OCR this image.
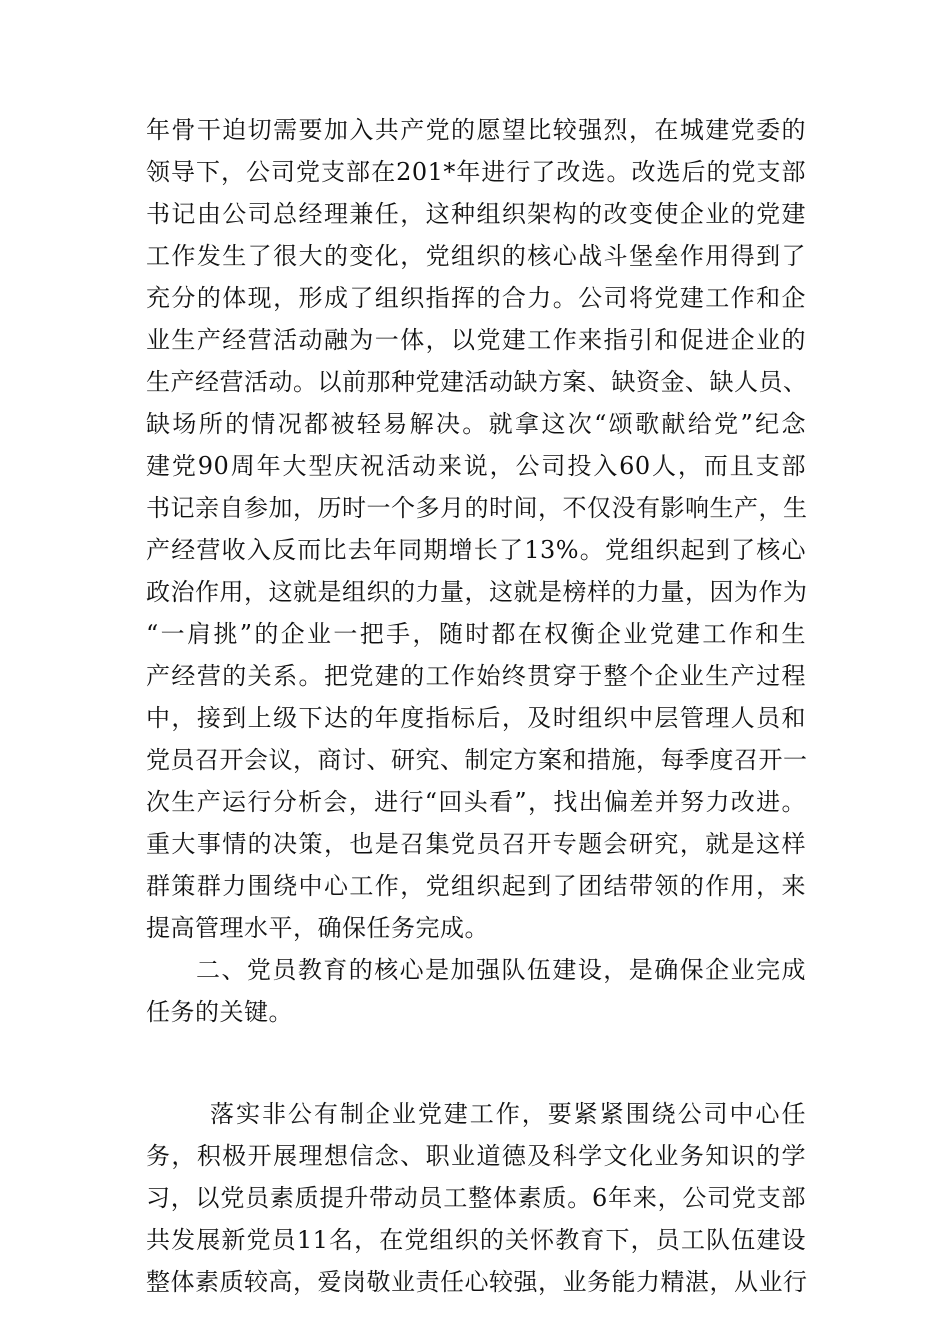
年骨干迫切需要加入共产党的愿望比较强烈，在城建党委的
领导下，公司党支部在201*年进行了改选。改选后的党支部
书记由公司总经理兼任，这种组织架构的改变使企业的党建
工作发生了很大的变化，党组织的核心战斗堡垒作用得到了
充分的体现，形成了组织指挥的合力。公司将党建工作和企
业生产经营活动融为一体，以党建工作来指引和促进企业的
生产经营活动。以前那种党建活动缺方案、缺资金、缺人员、
缺场所的情况都被轻易解决。就拿这次“颂歌献给党”纪念
建党90周年大型庆祝活动来说，公司投入60人，而且支部
书记亲自参加，历时一个多月的时间，不仅没有影响生产，生
产经营收入反而比去年同期增长了13%。党组织起到了核心
政治作用，这就是组织的力量，这就是榜样的力量，因为作为
“一肩挑”的企业一把手，随时都在权衡企业党建工作和生
产经营的关系。把党建的工作始终贯穿于整个企业生产过程
中，接到上级下达的年度指标后，及时组织中层管理人员和
党员召开会议，商讨、研究、制定方案和措施，每季度召开一
次生产运行分析会，进行“回头看”，找出偏差并努力改进。
重大事情的决策，也是召集党员召开专题会研究，就是这样
群策群力围绕中心工作，党组织起到了团结带领的作用，来
提高管理水平，确保任务完成。
二、党员教育的核心是加强队伍建设，是确保企业完成
任务的关键。
落实非公有制企业党建工作，要紧紧围绕公司中心任
务，积极开展理想信念、职业道德及科学文化业务知识的学
习，以党员素质提升带动员工整体素质。6年来，公司党支部
共发展新党员11名，在党组织的关怀教育下，员工队伍建设
整体素质较高，爱岗敬业责任心较强，业务能力精湛，从业行
